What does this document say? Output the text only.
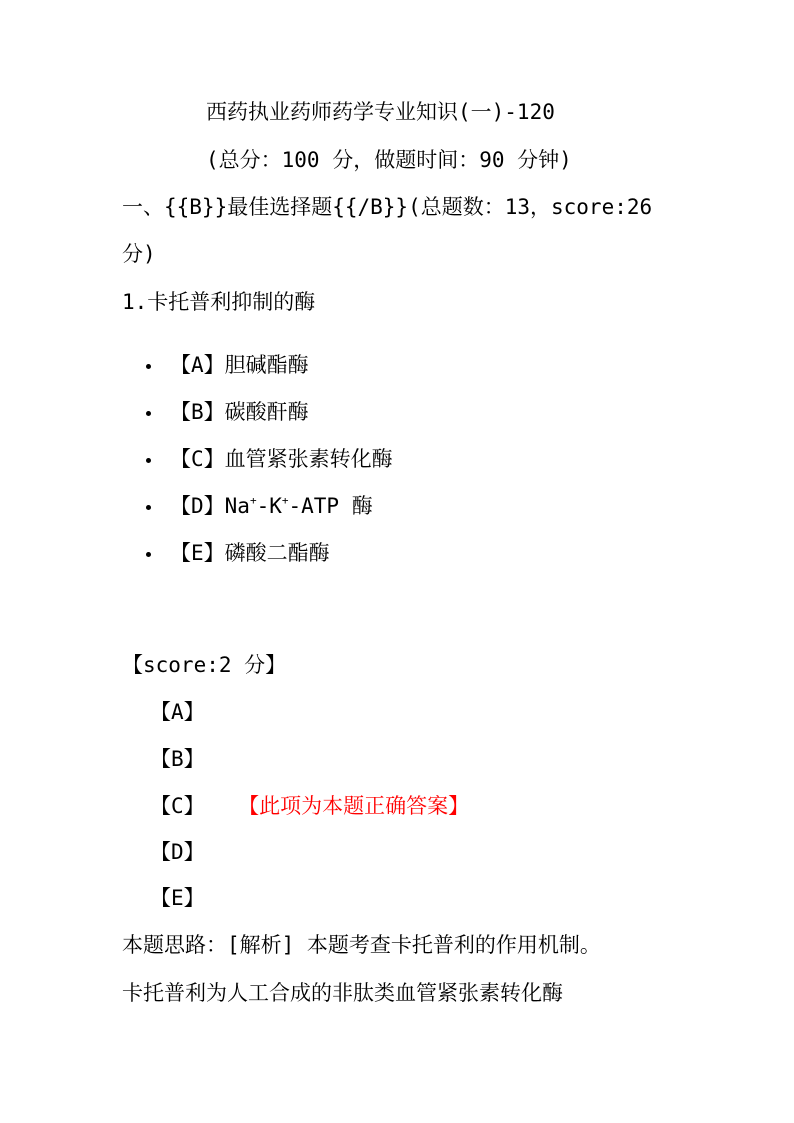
西药执业药师药学专业知识(一)-120
(总分：100 分，做题时间：90 分钟)
一、{{B}}最佳选择题{{/B}}(总题数：13，score:26
分)
1.卡托普利抑制的酶
【A】胆碱酯酶
【B】碳酸酐酶
【C】血管紧张素转化酶
【D】Na+-K+-ATP 酶
【E】磷酸二酯酶
【score:2 分】
【A】
【B】
【C】 【此项为本题正确答案】
【D】
【E】
本题思路：[解析] 本题考查卡托普利的作用机制。
卡托普利为人工合成的非肽类血管紧张素转化酶
